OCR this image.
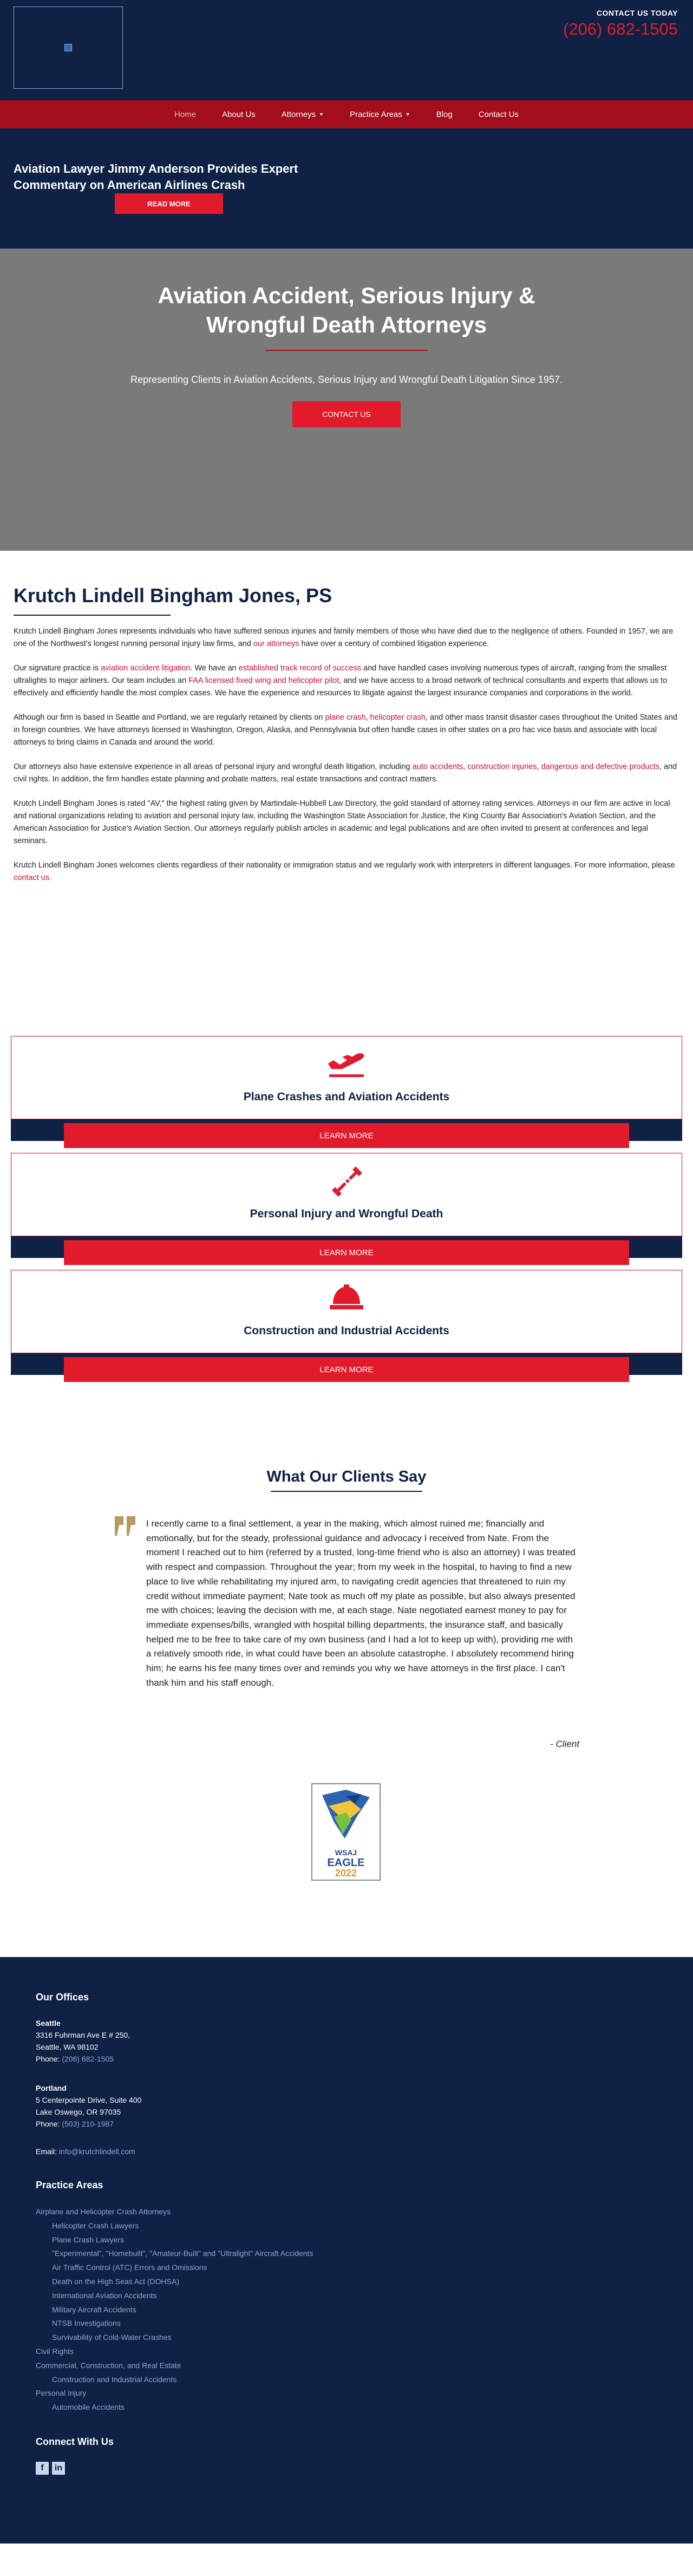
CONTACT US TODAY
(206) 682-1505
Home	About Us	Attorneys ▼	Practice Areas ▼	Blog	Contact Us
Aviation Lawyer Jimmy Anderson Provides Expert Commentary on American Airlines Crash
READ MORE
Aviation Accident, Serious Injury &
Wrongful Death Attorneys
Representing Clients in Aviation Accidents, Serious Injury and Wrongful Death Litigation Since 1957.
CONTACT US
Krutch Lindell Bingham Jones, PS

Krutch Lindell Bingham Jones represents individuals who have suffered serious injuries and family members of those who have died due to the negligence of others. Founded in 1957, we are one of the Northwest's longest running personal injury law firms, and our attorneys have over a century of combined litigation experience.

Our signature practice is aviation accident litigation. We have an established track record of success and have handled cases involving numerous types of aircraft, ranging from the smallest ultralights to major airliners. Our team includes an FAA licensed fixed wing and helicopter pilot, and we have access to a broad network of technical consultants and experts that allows us to effectively and efficiently handle the most complex cases. We have the experience and resources to litigate against the largest insurance companies and corporations in the world.

Although our firm is based in Seattle and Portland, we are regularly retained by clients on plane crash, helicopter crash, and other mass transit disaster cases throughout the United States and in foreign countries. We have attorneys licensed in Washington, Oregon, Alaska, and Pennsylvania but often handle cases in other states on a pro hac vice basis and associate with local attorneys to bring claims in Canada and around the world.

Our attorneys also have extensive experience in all areas of personal injury and wrongful death litigation, including auto accidents, construction injuries, dangerous and defective products, and civil rights. In addition, the firm handles estate planning and probate matters, real estate transactions and contract matters.

Krutch Lindell Bingham Jones is rated "AV," the highest rating given by Martindale-Hubbell Law Directory, the gold standard of attorney rating services. Attorneys in our firm are active in local and national organizations relating to aviation and personal injury law, including the Washington State Association for Justice, the King County Bar Association's Aviation Section, and the American Association for Justice's Aviation Section. Our attorneys regularly publish articles in academic and legal publications and are often invited to present at conferences and legal seminars.

Krutch Lindell Bingham Jones welcomes clients regardless of their nationality or immigration status and we regularly work with interpreters in different languages. For more information, please contact us.

Plane Crashes and Aviation Accidents
LEARN MORE
Personal Injury and Wrongful Death
LEARN MORE
Construction and Industrial Accidents
LEARN MORE
What Our Clients Say

I recently came to a final settlement, a year in the making, which almost ruined me; financially and emotionally, but for the steady, professional guidance and advocacy I received from Nate. From the moment I reached out to him (referred by a trusted, long-time friend who is also an attorney) I was treated with respect and compassion. Throughout the year; from my week in the hospital, to having to find a new place to live while rehabilitating my injured arm, to navigating credit agencies that threatened to ruin my credit without immediate payment; Nate took as much off my plate as possible, but also always presented me with choices; leaving the decision with me, at each stage. Nate negotiated earnest money to pay for immediate expenses/bills, wrangled with hospital billing departments, the insurance staff, and basically helped me to be free to take care of my own business (and I had a lot to keep up with), providing me with a relatively smooth ride, in what could have been an absolute catastrophe. I absolutely recommend hiring him; he earns his fee many times over and reminds you why we have attorneys in the first place. I can't thank him and his staff enough.

- Client
WSAJ
EAGLE
2022
Our Offices
Seattle
3316 Fuhrman Ave E # 250,
Seattle, WA 98102
Phone: (206) 682-1505
Portland
5 Centerpointe Drive, Suite 400
Lake Oswego, OR 97035
Phone: (503) 210-1987
Email: info@krutchlindell.com
Practice Areas
Airplane and Helicopter Crash Attorneys
Helicopter Crash Lawyers
Plane Crash Lawyers
"Experimental", "Homebuilt", "Amateur-Built" and "Ultralight" Aircraft Accidents
Air Traffic Control (ATC) Errors and Omissions
Death on the High Seas Act (DOHSA)
International Aviation Accidents
Military Aircraft Accidents
NTSB Investigations
Survivability of Cold-Water Crashes
Civil Rights
Commercial, Construction, and Real Estate
Construction and Industrial Accidents
Personal Injury
Automobile Accidents
Connect With Us
f	in
